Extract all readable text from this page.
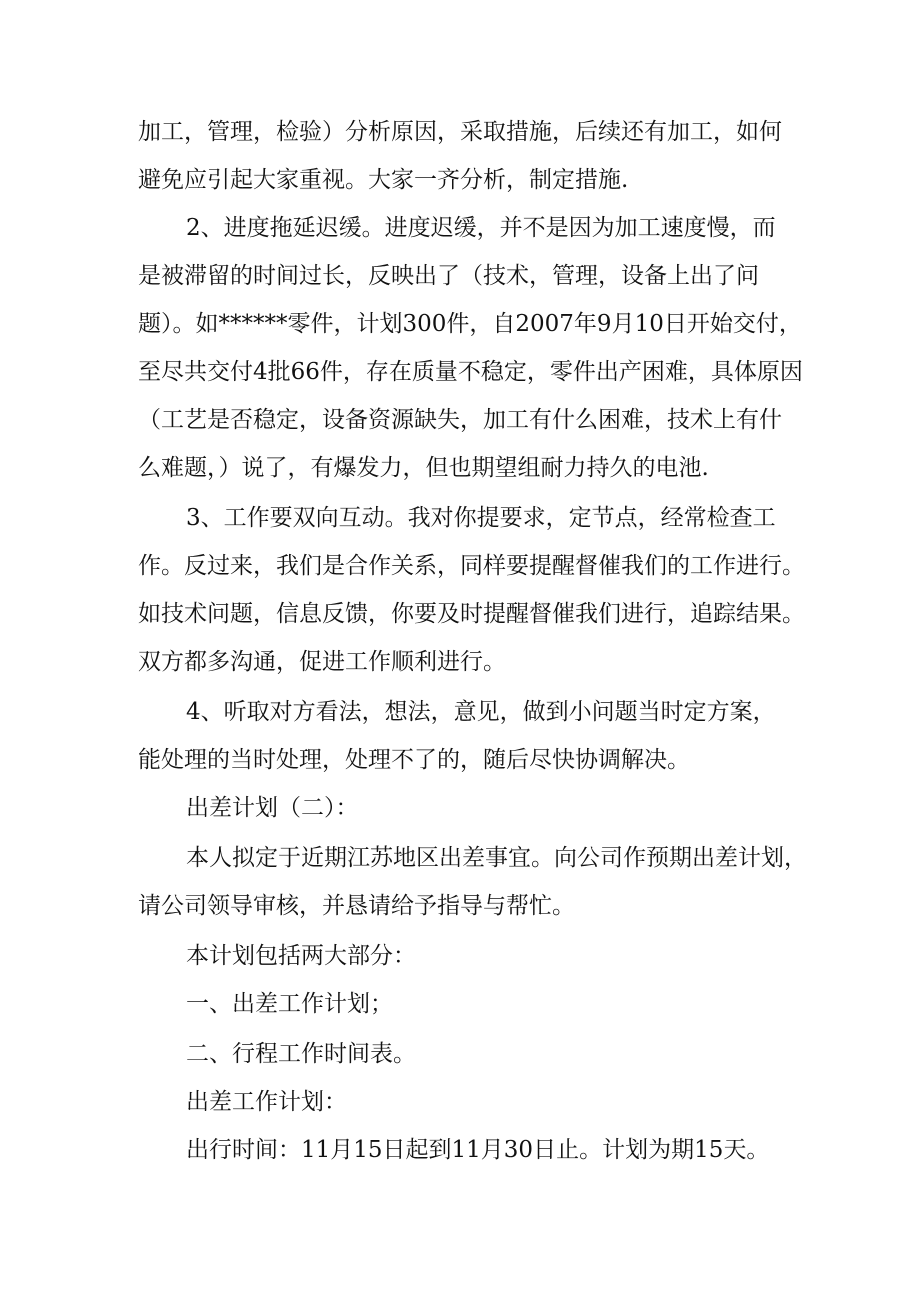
加工，管理，检验）分析原因，采取措施，后续还有加工，如何

避免应引起大家重视。大家一齐分析，制定措施.

2、进度拖延迟缓。进度迟缓，并不是因为加工速度慢，而

是被滞留的时间过长，反映出了（技术，管理，设备上出了问

题）。如******零件，计划300件，自2007年9月10日开始交付，

至尽共交付4批66件，存在质量不稳定，零件出产困难，具体原因

（工艺是否稳定，设备资源缺失，加工有什么困难，技术上有什

么难题，）说了，有爆发力，但也期望组耐力持久的电池.

3、工作要双向互动。我对你提要求，定节点，经常检查工

作。反过来，我们是合作关系，同样要提醒督催我们的工作进行。

如技术问题，信息反馈，你要及时提醒督催我们进行，追踪结果。

双方都多沟通，促进工作顺利进行。

4、听取对方看法，想法，意见，做到小问题当时定方案，

能处理的当时处理，处理不了的，随后尽快协调解决。

出差计划（二）：

本人拟定于近期江苏地区出差事宜。向公司作预期出差计划，

请公司领导审核，并恳请给予指导与帮忙。

本计划包括两大部分：

一、出差工作计划；

二、行程工作时间表。

出差工作计划：

出行时间：11月15日起到11月30日止。计划为期15天。
